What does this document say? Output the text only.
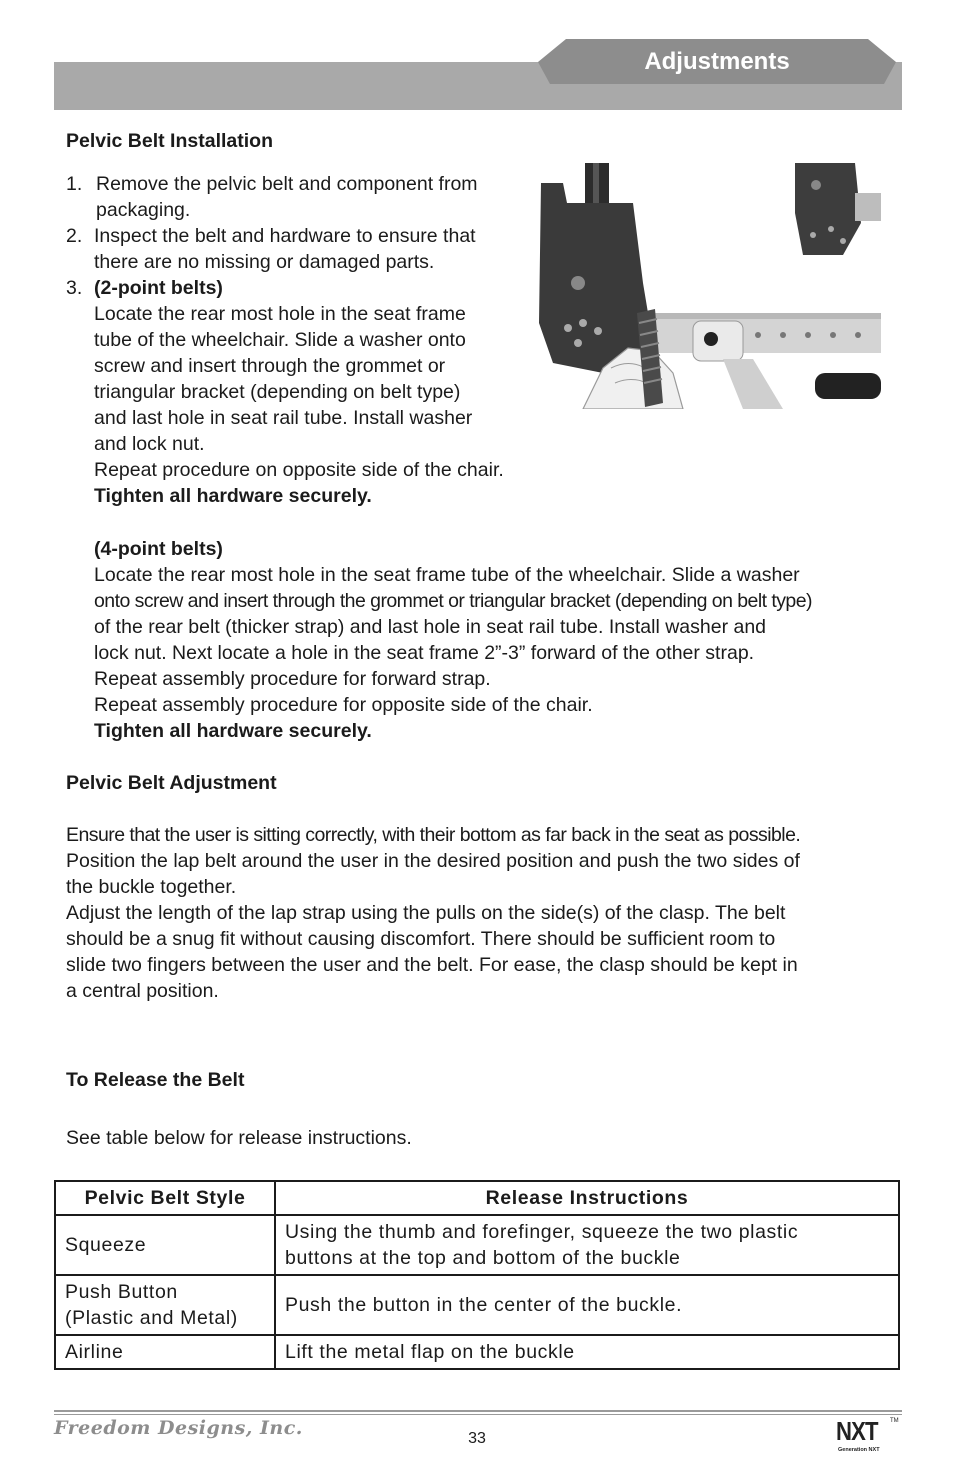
Adjustments
Pelvic Belt Installation
1. Remove the pelvic belt and component from
packaging.
2. Inspect the belt and hardware to ensure that
there are no missing or damaged parts.
3. (2-point belts)
Locate the rear most hole in the seat frame
tube of the wheelchair. Slide a washer onto
screw and insert through the grommet or
triangular bracket (depending on belt type)
and last hole in seat rail tube. Install washer
and lock nut.
Repeat procedure on opposite side of the chair.
Tighten all hardware securely.
(4-point belts)
Locate the rear most hole in the seat frame tube of the wheelchair. Slide a washer
onto screw and insert through the grommet or triangular bracket (depending on belt type)
of the rear belt (thicker strap) and last hole in seat rail tube. Install washer and
lock nut. Next locate a hole in the seat frame 2”-3” forward of the other strap.
Repeat assembly procedure for forward strap.
Repeat assembly procedure for opposite side of the chair.
Tighten all hardware securely.
Pelvic Belt Adjustment
Ensure that the user is sitting correctly, with their bottom as far back in the seat as possible.
Position the lap belt around the user in the desired position and push the two sides of
the buckle together.
Adjust the length of the lap strap using the pulls on the side(s) of the clasp. The belt
should be a snug fit without causing discomfort. There should be sufficient room to
slide two fingers between the user and the belt. For ease, the clasp should be kept in
a central position.
To Release the Belt
See table below for release instructions.
Pelvic Belt Style	Release Instructions
Squeeze	Using the thumb and forefinger, squeeze the two plastic
buttons at the top and bottom of the buckle

Push Button
(Plastic and Metal)	Push the button in the center of the buckle.
Airline	Lift the metal flap on the buckle
Freedom Designs, Inc.	33	NXT TM
Generation NXT
